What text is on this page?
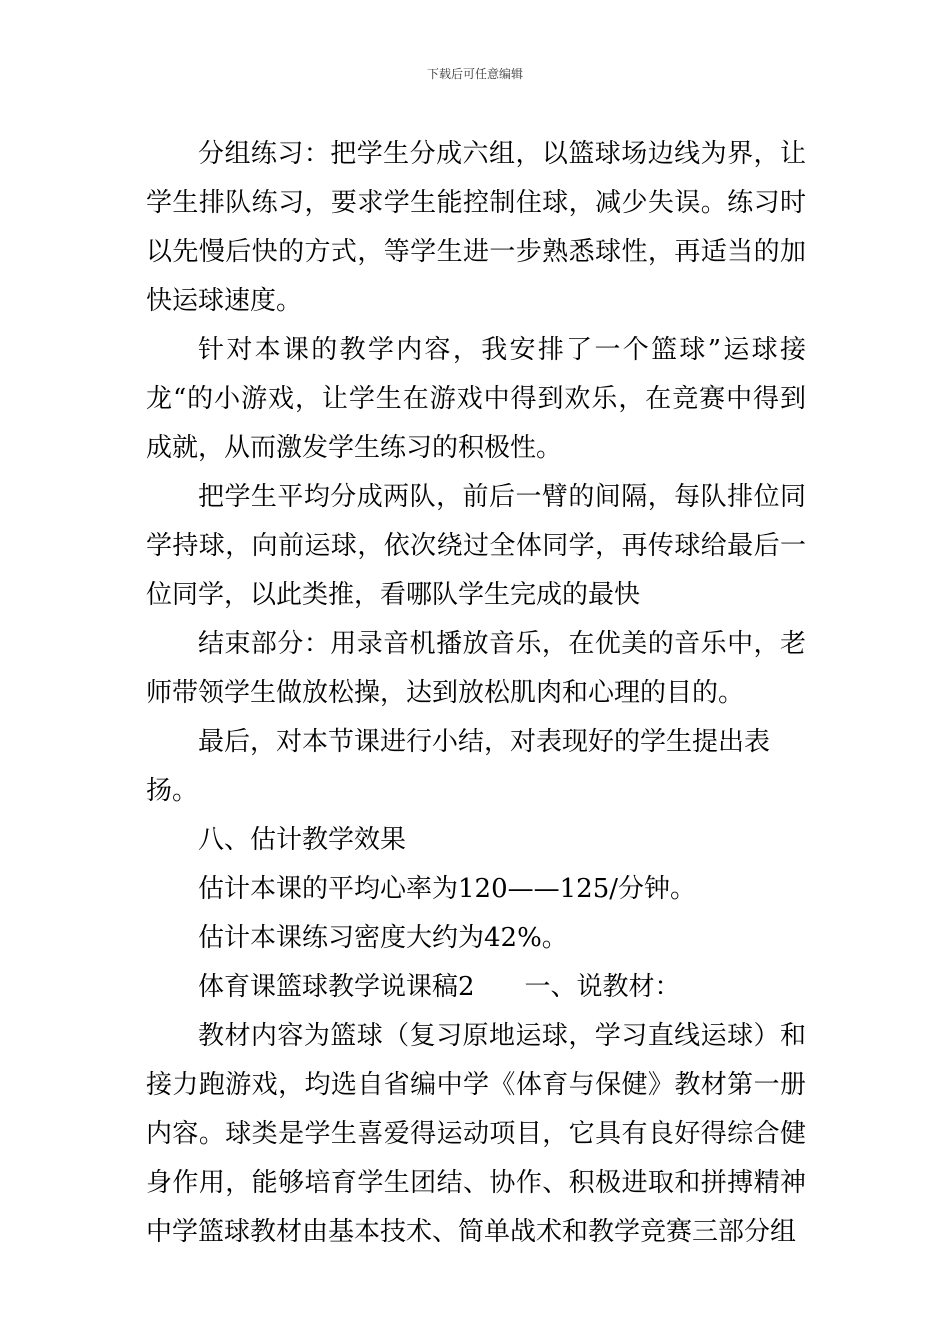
下载后可任意编辑

分组练习：把学生分成六组，以篮球场边线为界，让学生排队练习，要求学生能控制住球，减少失误。练习时以先慢后快的方式，等学生进一步熟悉球性，再适当的加快运球速度。

针对本课的教学内容，我安排了一个篮球”运球接龙“的小游戏，让学生在游戏中得到欢乐，在竞赛中得到成就，从而激发学生练习的积极性。

把学生平均分成两队，前后一臂的间隔，每队排位同学持球，向前运球，依次绕过全体同学，再传球给最后一位同学，以此类推，看哪队学生完成的最快

结束部分：用录音机播放音乐，在优美的音乐中，老师带领学生做放松操，达到放松肌肉和心理的目的。

最后，对本节课进行小结，对表现好的学生提出表扬。

八、估计教学效果

估计本课的平均心率为120——125/分钟。

估计本课练习密度大约为42%。

体育课篮球教学说课稿2 一、说教材：

教材内容为篮球（复习原地运球，学习直线运球）和接力跑游戏，均选自省编中学《体育与保健》教材第一册内容。球类是学生喜爱得运动项目，它具有良好得综合健身作用，能够培育学生团结、协作、积极进取和拼搏精神中学篮球教材由基本技术、简单战术和教学竞赛三部分组
